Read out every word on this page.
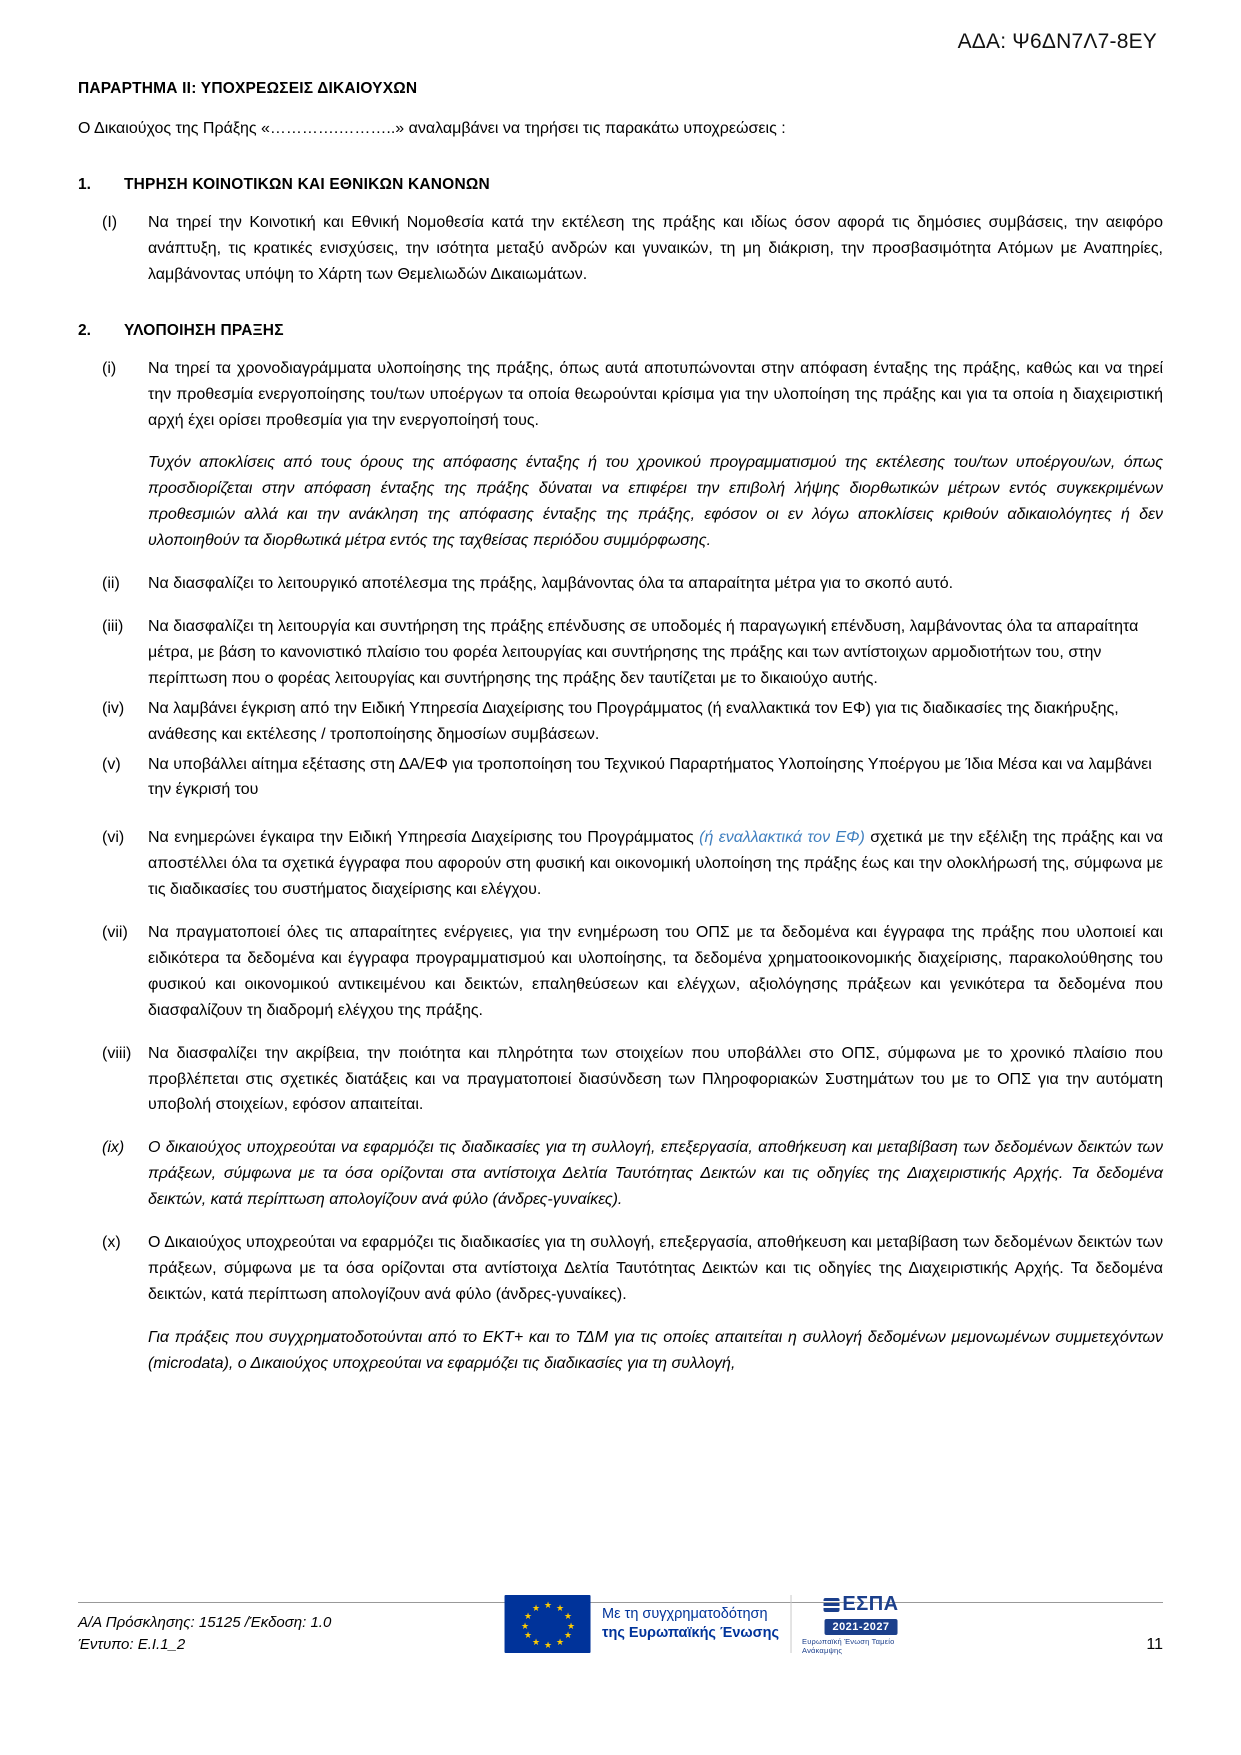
ΑΔΑ: Ψ6ΔΝ7Λ7-8ΕΥ
ΠΑΡΑΡΤΗΜΑ ΙΙ: ΥΠΟΧΡΕΩΣΕΙΣ ΔΙΚΑΙΟΥΧΩΝ
Ο Δικαιούχος της Πράξης «………….………..» αναλαμβάνει να τηρήσει τις παρακάτω υποχρεώσεις :
1.	ΤΗΡΗΣΗ ΚΟΙΝΟΤΙΚΩΝ ΚΑΙ ΕΘΝΙΚΩΝ ΚΑΝΟΝΩΝ
(I)	Να τηρεί την Κοινοτική και Εθνική Νομοθεσία κατά την εκτέλεση της πράξης και ιδίως όσον αφορά τις δημόσιες συμβάσεις, την αειφόρο ανάπτυξη, τις κρατικές ενισχύσεις, την ισότητα μεταξύ ανδρών και γυναικών, τη μη διάκριση, την προσβασιμότητα Ατόμων με Αναπηρίες, λαμβάνοντας υπόψη το Χάρτη των Θεμελιωδών Δικαιωμάτων.
2.	ΥΛΟΠΟΙΗΣΗ ΠΡΑΞΗΣ
(i)	Να τηρεί τα χρονοδιαγράμματα υλοποίησης της πράξης, όπως αυτά αποτυπώνονται στην απόφαση ένταξης της πράξης, καθώς και να τηρεί την προθεσμία ενεργοποίησης του/των υποέργων τα οποία θεωρούνται κρίσιμα για την υλοποίηση της πράξης και για τα οποία η διαχειριστική αρχή έχει ορίσει προθεσμία για την ενεργοποίησή τους.
Τυχόν αποκλίσεις από τους όρους της απόφασης ένταξης ή του χρονικού προγραμματισμού της εκτέλεσης του/των υποέργου/ων, όπως προσδιορίζεται στην απόφαση ένταξης της πράξης δύναται να επιφέρει την επιβολή λήψης διορθωτικών μέτρων εντός συγκεκριμένων προθεσμιών αλλά και την ανάκληση της απόφασης ένταξης της πράξης, εφόσον οι εν λόγω αποκλίσεις κριθούν αδικαιολόγητες ή δεν υλοποιηθούν τα διορθωτικά μέτρα εντός της ταχθείσας περιόδου συμμόρφωσης.
(ii)	Να διασφαλίζει το λειτουργικό αποτέλεσμα της πράξης, λαμβάνοντας όλα τα απαραίτητα μέτρα για το σκοπό αυτό.
(iii)	Να διασφαλίζει τη λειτουργία και συντήρηση της πράξης επένδυσης σε υποδομές ή παραγωγική επένδυση, λαμβάνοντας όλα τα απαραίτητα μέτρα, με βάση το κανονιστικό πλαίσιο του φορέα λειτουργίας και συντήρησης της πράξης και των αντίστοιχων αρμοδιοτήτων του, στην περίπτωση που ο φορέας λειτουργίας και συντήρησης της πράξης δεν ταυτίζεται με το δικαιούχο αυτής.
(iv)	Να λαμβάνει έγκριση από την Ειδική Υπηρεσία Διαχείρισης του Προγράμματος (ή εναλλακτικά τον ΕΦ) για τις διαδικασίες της διακήρυξης, ανάθεσης και εκτέλεσης / τροποποίησης δημοσίων συμβάσεων.
(v)	Να υποβάλλει αίτημα εξέτασης στη ΔΑ/ΕΦ για τροποποίηση του Τεχνικού Παραρτήματος Υλοποίησης Υποέργου με Ίδια Μέσα και να λαμβάνει την έγκρισή του
(vi)	Να ενημερώνει έγκαιρα την Ειδική Υπηρεσία Διαχείρισης του Προγράμματος (ή εναλλακτικά τον ΕΦ) σχετικά με την εξέλιξη της πράξης και να αποστέλλει όλα τα σχετικά έγγραφα που αφορούν στη φυσική και οικονομική υλοποίηση της πράξης έως και την ολοκλήρωσή της, σύμφωνα με τις διαδικασίες του συστήματος διαχείρισης και ελέγχου.
(vii)	Να πραγματοποιεί όλες τις απαραίτητες ενέργειες, για την ενημέρωση του ΟΠΣ με τα δεδομένα και έγγραφα της πράξης που υλοποιεί και ειδικότερα τα δεδομένα και έγγραφα προγραμματισμού και υλοποίησης, τα δεδομένα χρηματοοικονομικής διαχείρισης, παρακολούθησης του φυσικού και οικονομικού αντικειμένου και δεικτών, επαληθεύσεων και ελέγχων, αξιολόγησης πράξεων και γενικότερα τα δεδομένα που διασφαλίζουν τη διαδρομή ελέγχου της πράξης.
(viii)	Να διασφαλίζει την ακρίβεια, την ποιότητα και πληρότητα των στοιχείων που υποβάλλει στο ΟΠΣ, σύμφωνα με το χρονικό πλαίσιο που προβλέπεται στις σχετικές διατάξεις και να πραγματοποιεί διασύνδεση των Πληροφοριακών Συστημάτων του με το ΟΠΣ για την αυτόματη υποβολή στοιχείων, εφόσον απαιτείται.
(ix)	Ο δικαιούχος υποχρεούται να εφαρμόζει τις διαδικασίες για τη συλλογή, επεξεργασία, αποθήκευση και μεταβίβαση των δεδομένων δεικτών των πράξεων, σύμφωνα με τα όσα ορίζονται στα αντίστοιχα Δελτία Ταυτότητας Δεικτών και τις οδηγίες της Διαχειριστικής Αρχής. Τα δεδομένα δεικτών, κατά περίπτωση απολογίζουν ανά φύλο (άνδρες-γυναίκες).
(x)	Ο Δικαιούχος υποχρεούται να εφαρμόζει τις διαδικασίες για τη συλλογή, επεξεργασία, αποθήκευση και μεταβίβαση των δεδομένων δεικτών των πράξεων, σύμφωνα με τα όσα ορίζονται στα αντίστοιχα Δελτία Ταυτότητας Δεικτών και τις οδηγίες της Διαχειριστικής Αρχής. Τα δεδομένα δεικτών, κατά περίπτωση απολογίζουν ανά φύλο (άνδρες-γυναίκες).
Για πράξεις που συγχρηματοδοτούνται από το ΕΚΤ+ και το ΤΔΜ για τις οποίες απαιτείται η συλλογή δεδομένων μεμονωμένων συμμετεχόντων (microdata), ο Δικαιούχος υποχρεούται να εφαρμόζει τις διαδικασίες για τη συλλογή,
★ ★
★
★
★
★
★
★
★
★
★
★	Με τη συγχρηματοδότηση
της Ευρωπαϊκής Ένωσης
ΕΣΠΑ
2021-2027
Ευρωπαϊκή Ένωση Ταμείο Ανάκαμψης
Α/Α Πρόσκλησης: 15125 /Έκδοση: 1.0
Έντυπο: Ε.Ι.1_2	11
